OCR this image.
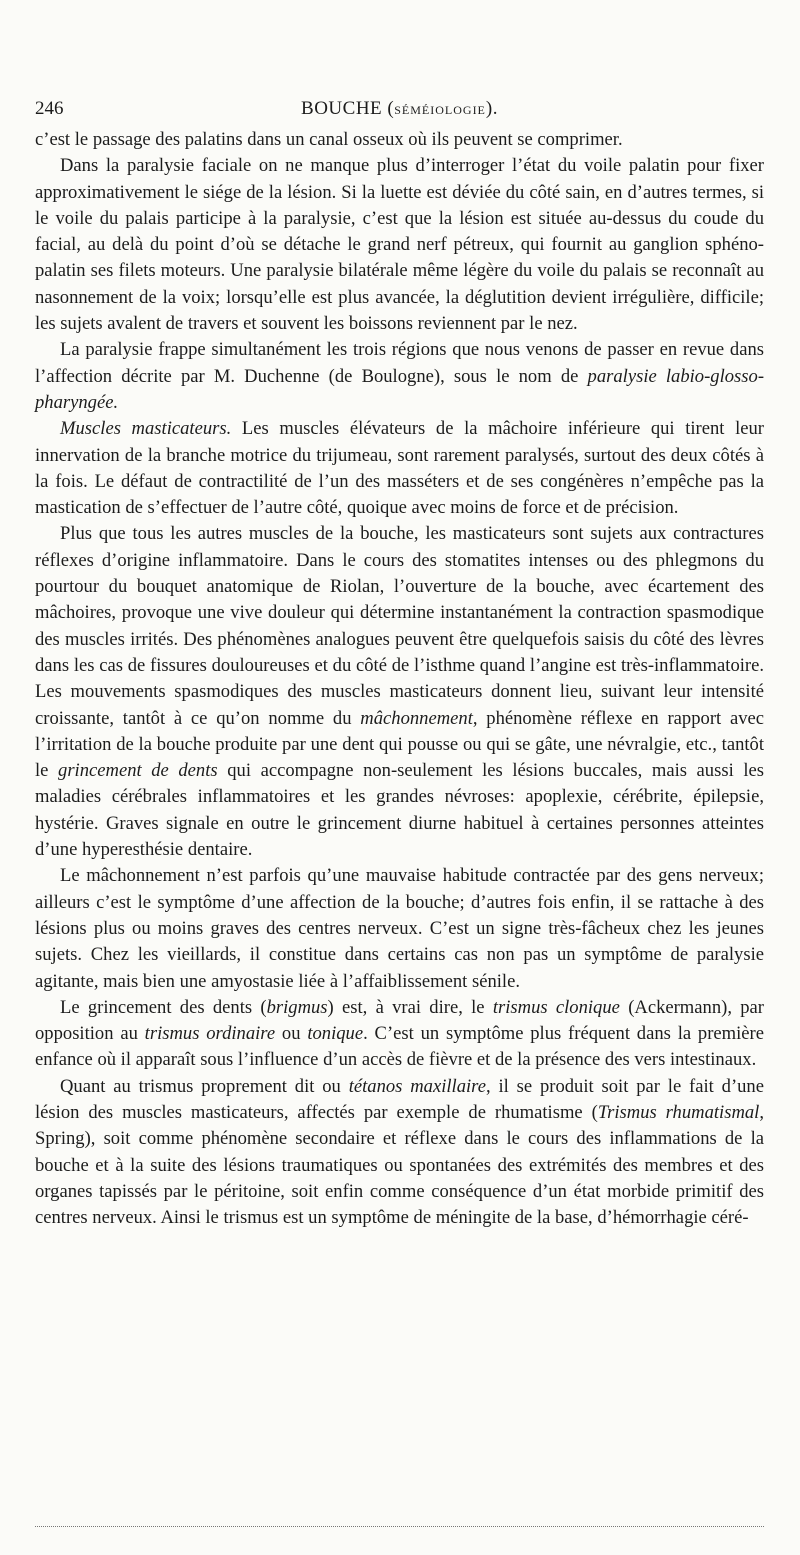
246	BOUCHE (SÉMÉIOLOGIE).

c’est le passage des palatins dans un canal osseux où ils peuvent se comprimer.

Dans la paralysie faciale on ne manque plus d’interroger l’état du voile palatin pour fixer approximativement le siége de la lésion. Si la luette est déviée du côté sain, en d’autres termes, si le voile du palais participe à la paralysie, c’est que la lésion est située au-dessus du coude du facial, au delà du point d’où se détache le grand nerf pétreux, qui fournit au ganglion sphéno-palatin ses filets moteurs. Une paralysie bilatérale même légère du voile du palais se reconnaît au nasonnement de la voix; lorsqu’elle est plus avancée, la déglutition devient irrégulière, difficile; les sujets avalent de travers et souvent les boissons reviennent par le nez.

La paralysie frappe simultanément les trois régions que nous venons de passer en revue dans l’affection décrite par M. Duchenne (de Boulogne), sous le nom de paralysie labio-glosso-pharyngée.

Muscles masticateurs. Les muscles élévateurs de la mâchoire inférieure qui tirent leur innervation de la branche motrice du trijumeau, sont rarement paralysés, surtout des deux côtés à la fois. Le défaut de contractilité de l’un des masséters et de ses congénères n’empêche pas la mastication de s’effectuer de l’autre côté, quoique avec moins de force et de précision.

Plus que tous les autres muscles de la bouche, les masticateurs sont sujets aux contractures réflexes d’origine inflammatoire. Dans le cours des stomatites intenses ou des phlegmons du pourtour du bouquet anatomique de Riolan, l’ouverture de la bouche, avec écartement des mâchoires, provoque une vive douleur qui détermine instantanément la contraction spasmodique des muscles irrités. Des phénomènes analogues peuvent être quelquefois saisis du côté des lèvres dans les cas de fissures douloureuses et du côté de l’isthme quand l’angine est très-inflammatoire. Les mouvements spasmodiques des muscles masticateurs donnent lieu, suivant leur intensité croissante, tantôt à ce qu’on nomme du mâchonnement, phénomène réflexe en rapport avec l’irritation de la bouche produite par une dent qui pousse ou qui se gâte, une névralgie, etc., tantôt le grincement de dents qui accompagne non-seulement les lésions buccales, mais aussi les maladies cérébrales inflammatoires et les grandes névroses: apoplexie, cérébrite, épilepsie, hystérie. Graves signale en outre le grincement diurne habituel à certaines personnes atteintes d’une hyperesthésie dentaire.

Le mâchonnement n’est parfois qu’une mauvaise habitude contractée par des gens nerveux; ailleurs c’est le symptôme d’une affection de la bouche; d’autres fois enfin, il se rattache à des lésions plus ou moins graves des centres nerveux. C’est un signe très-fâcheux chez les jeunes sujets. Chez les vieillards, il constitue dans certains cas non pas un symptôme de paralysie agitante, mais bien une amyostasie liée à l’affaiblissement sénile.

Le grincement des dents (brigmus) est, à vrai dire, le trismus clonique (Ackermann), par opposition au trismus ordinaire ou tonique. C’est un symptôme plus fréquent dans la première enfance où il apparaît sous l’influence d’un accès de fièvre et de la présence des vers intestinaux.

Quant au trismus proprement dit ou tétanos maxillaire, il se produit soit par le fait d’une lésion des muscles masticateurs, affectés par exemple de rhumatisme (Trismus rhumatismal, Spring), soit comme phénomène secondaire et réflexe dans le cours des inflammations de la bouche et à la suite des lésions traumatiques ou spontanées des extrémités des membres et des organes tapissés par le péritoine, soit enfin comme conséquence d’un état morbide primitif des centres nerveux. Ainsi le trismus est un symptôme de méningite de la base, d’hémorrhagie céré-
